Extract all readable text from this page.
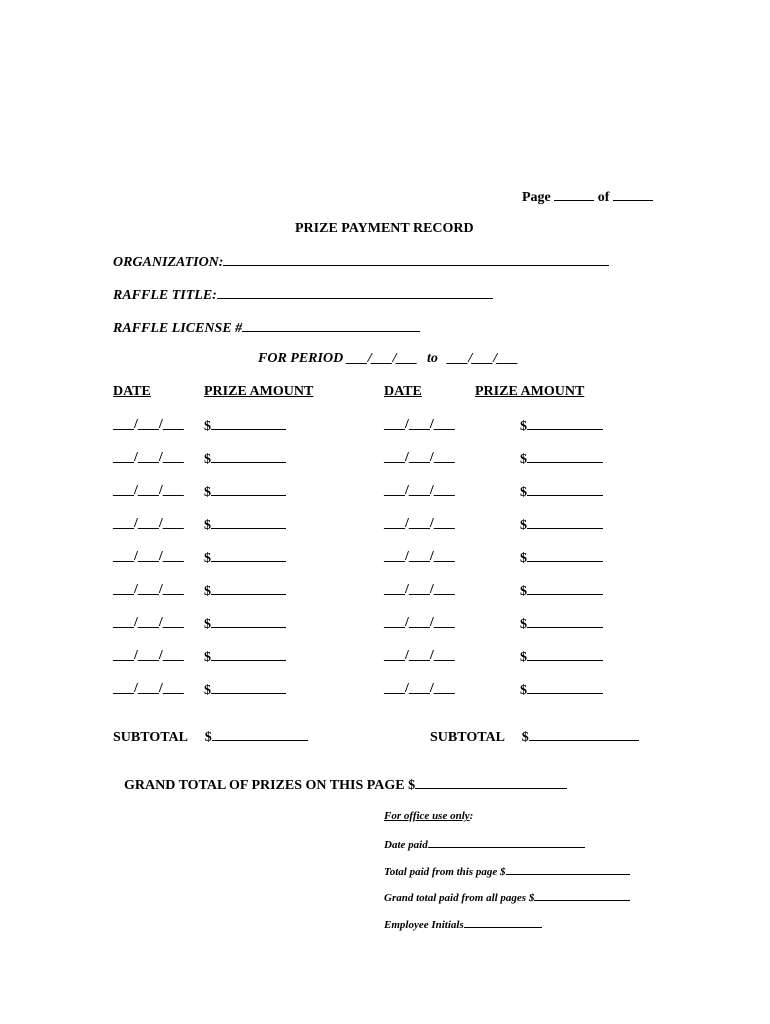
Page	of
PRIZE PAYMENT RECORD
ORGANIZATION:
RAFFLE TITLE:
RAFFLE LICENSE #
FOR PERIOD ___/___/___ to ___/___/___
DATE	PRIZE AMOUNT	DATE	PRIZE AMOUNT
___/___/___ $	___/___/___	$
___/___/___ $	___/___/___	$
___/___/___ $	___/___/___	$
___/___/___ $	___/___/___	$
___/___/___ $	___/___/___	$
___/___/___ $	___/___/___	$
___/___/___ $	___/___/___	$
___/___/___ $	___/___/___	$
___/___/___ $	___/___/___	$
SUBTOTAL $	SUBTOTAL $
GRAND TOTAL OF PRIZES ON THIS PAGE $
For office use only:
Date paid
Total paid from this page $
Grand total paid from all pages $
Employee Initials
